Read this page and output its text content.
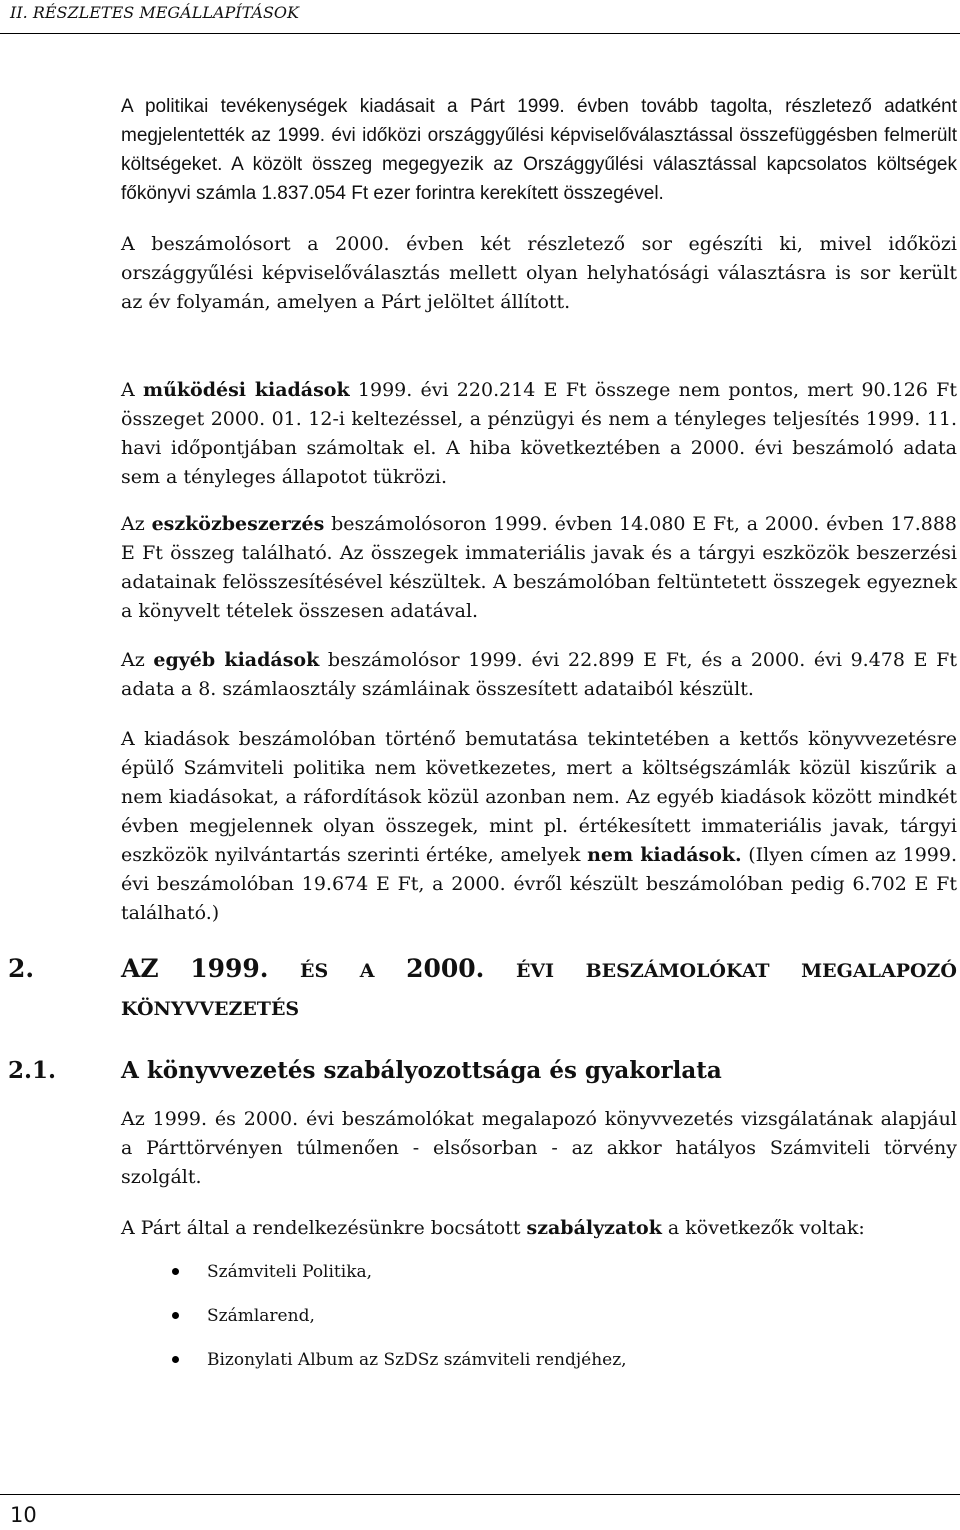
II. RÉSZLETES MEGÁLLAPÍTÁSOK

A politikai tevékenységek kiadásait a Párt 1999. évben tovább tagolta, részletező adatként megjelentették az 1999. évi időközi országgyűlési képviselőválasztással összefüggésben felmerült költségeket. A közölt összeg megegyezik az Országgyűlési választással kapcsolatos költségek főkönyvi számla 1.837.054 Ft ezer forintra kerekített összegével.

A beszámolósort a 2000. évben két részletező sor egészíti ki, mivel időközi országgyűlési képviselőválasztás mellett olyan helyhatósági választásra is sor került az év folyamán, amelyen a Párt jelöltet állított.

A működési kiadások 1999. évi 220.214 E Ft összege nem pontos, mert 90.126 Ft összeget 2000. 01. 12-i keltezéssel, a pénzügyi és nem a tényleges teljesítés 1999. 11. havi időpontjában számoltak el. A hiba következtében a 2000. évi beszámoló adata sem a tényleges állapotot tükrözi.

Az eszközbeszerzés beszámolósoron 1999. évben 14.080 E Ft, a 2000. évben 17.888 E Ft összeg található. Az összegek immateriális javak és a tárgyi eszközök beszerzési adatainak felösszesítésével készültek. A beszámolóban feltüntetett összegek egyeznek a könyvelt tételek összesen adatával.

Az egyéb kiadások beszámolósor 1999. évi 22.899 E Ft, és a 2000. évi 9.478 E Ft adata a 8. számlaosztály számláinak összesített adataiból készült.

A kiadások beszámolóban történő bemutatása tekintetében a kettős könyvvezetésre épülő Számviteli politika nem következetes, mert a költségszámlák közül kiszűrik a nem kiadásokat, a ráfordítások közül azonban nem. Az egyéb kiadások között mindkét évben megjelennek olyan összegek, mint pl. értékesített immateriális javak, tárgyi eszközök nyilvántartás szerinti értéke, amelyek nem kiadások. (Ilyen címen az 1999. évi beszámolóban 19.674 E Ft, a 2000. évről készült beszámolóban pedig 6.702 E Ft található.)

2.	AZ 1999. ÉS A 2000. ÉVI BESZÁMOLÓKAT MEGALAPOZÓ
KÖNYVVEZETÉS
2.1.	A könyvvezetés szabályozottsága és gyakorlata

Az 1999. és 2000. évi beszámolókat megalapozó könyvvezetés vizsgálatának alapjául a Párttörvényen túlmenően - elsősorban - az akkor hatályos Számviteli törvény szolgált.

A Párt által a rendelkezésünkre bocsátott szabályzatok a következők voltak:

Számviteli Politika,
Számlarend,
Bizonylati Album az SzDSz számviteli rendjéhez,
10
